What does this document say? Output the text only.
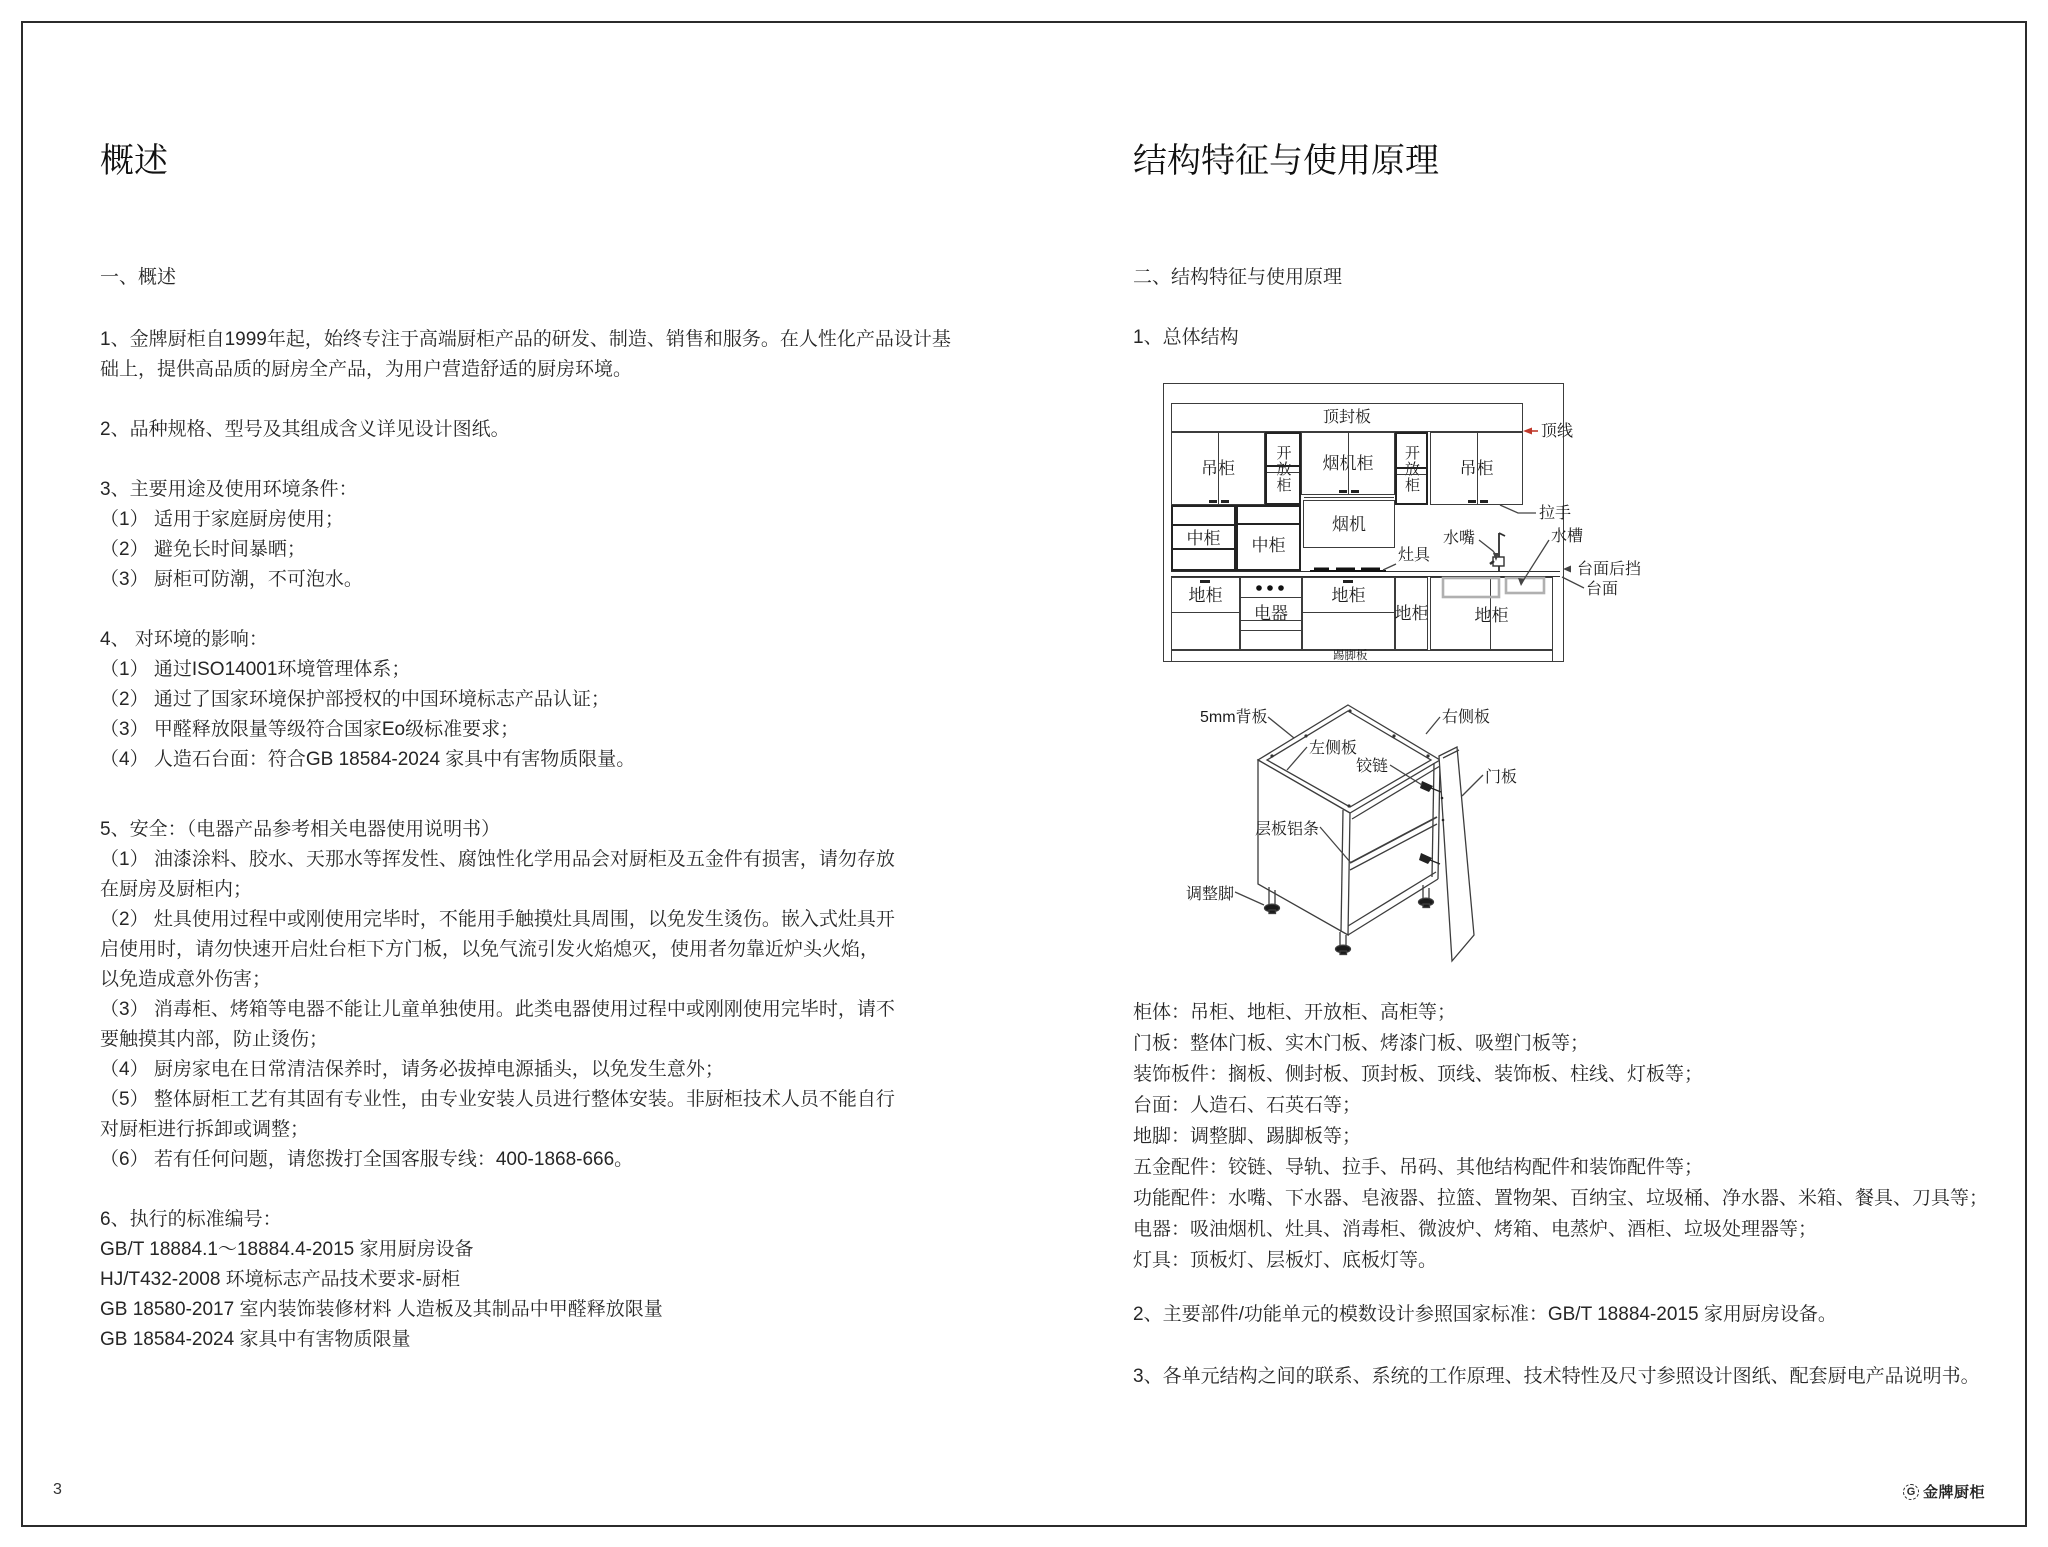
概述
一、概述
1、金牌厨柜自1999年起，始终专注于高端厨柜产品的研发、制造、销售和服务。在人性化产品设计基
础上，提供高品质的厨房全产品，为用户营造舒适的厨房环境。
2、品种规格、型号及其组成含义详见设计图纸。
3、主要用途及使用环境条件：
（1） 适用于家庭厨房使用；
（2） 避免长时间暴晒；
（3） 厨柜可防潮，不可泡水。
4、 对环境的影响：
（1） 通过ISO14001环境管理体系；
（2） 通过了国家环境保护部授权的中国环境标志产品认证；
（3） 甲醛释放限量等级符合国家Eo级标准要求；
（4） 人造石台面：符合GB 18584-2024 家具中有害物质限量。
5、安全：（电器产品参考相关电器使用说明书）
（1） 油漆涂料、胶水、天那水等挥发性、腐蚀性化学用品会对厨柜及五金件有损害，请勿存放
在厨房及厨柜内；
（2） 灶具使用过程中或刚使用完毕时，不能用手触摸灶具周围，以免发生烫伤。嵌入式灶具开
启使用时，请勿快速开启灶台柜下方门板，以免气流引发火焰熄灭，使用者勿靠近炉头火焰，
以免造成意外伤害；
（3） 消毒柜、烤箱等电器不能让儿童单独使用。此类电器使用过程中或刚刚使用完毕时，请不
要触摸其内部，防止烫伤；
（4） 厨房家电在日常清洁保养时，请务必拔掉电源插头，以免发生意外；
（5） 整体厨柜工艺有其固有专业性，由专业安装人员进行整体安装。非厨柜技术人员不能自行
对厨柜进行拆卸或调整；
（6） 若有任何问题，请您拨打全国客服专线：400-1868-666。
6、执行的标准编号：
GB/T 18884.1～18884.4-2015 家用厨房设备
HJ/T432-2008 环境标志产品技术要求-厨柜
GB 18580-2017 室内装饰装修材料 人造板及其制品中甲醛释放限量
GB 18584-2024 家具中有害物质限量
结构特征与使用原理
二、结构特征与使用原理
1、总体结构
顶封板
吊柜	开放柜 烟机柜 开放柜 吊柜
中柜 中柜
烟机
地柜
电器
地柜
地柜	地柜
踢脚板
顶线
拉手
水嘴	水槽
台面后挡
台面
灶具
5mm背板	右侧板
左侧板
铰链
门板
层板铝条
调整脚
柜体：吊柜、地柜、开放柜、高柜等；
门板：整体门板、实木门板、烤漆门板、吸塑门板等；
装饰板件：搁板、侧封板、顶封板、顶线、装饰板、柱线、灯板等；
台面：人造石、石英石等；
地脚：调整脚、踢脚板等；
五金配件：铰链、导轨、拉手、吊码、其他结构配件和装饰配件等；
功能配件：水嘴、下水器、皂液器、拉篮、置物架、百纳宝、垃圾桶、净水器、米箱、餐具、刀具等；
电器：吸油烟机、灶具、消毒柜、微波炉、烤箱、电蒸炉、酒柜、垃圾处理器等；
灯具：顶板灯、层板灯、底板灯等。
2、主要部件/功能单元的模数设计参照国家标准：GB/T 18884-2015 家用厨房设备。
3、各单元结构之间的联系、系统的工作原理、技术特性及尺寸参照设计图纸、配套厨电产品说明书。
3	G 金牌厨柜
